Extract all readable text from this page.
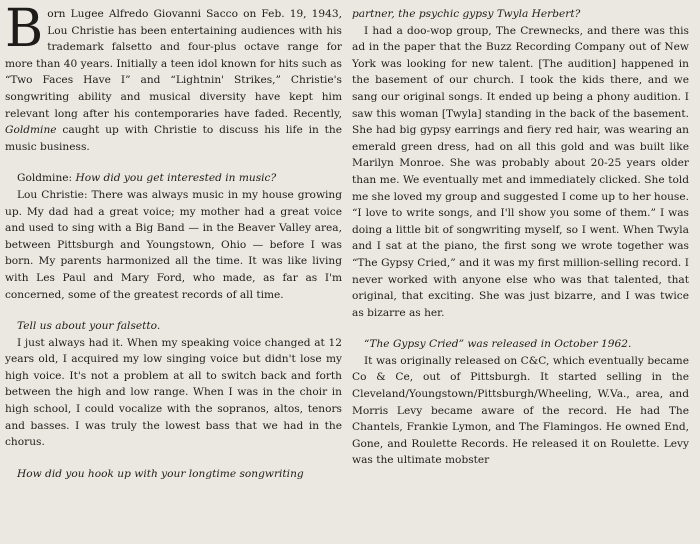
Born Lugee Alfredo Giovanni Sacco on Feb. 19, 1943, Lou Christie has been entertaining audiences with his trademark falsetto and four-plus octave range for more than 40 years. Initially a teen idol known for hits such as “Two Faces Have I” and “Lightnin' Strikes,” Christie's songwriting ability and musical diversity have kept him relevant long after his contemporaries have faded. Recently, Goldmine caught up with Christie to discuss his life in the music business.

Goldmine: How did you get interested in music?

Lou Christie: There was always music in my house growing up. My dad had a great voice; my mother had a great voice and used to sing with a Big Band — in the Beaver Valley area, between Pittsburgh and Youngstown, Ohio — before I was born. My parents harmonized all the time. It was like living with Les Paul and Mary Ford, who made, as far as I'm concerned, some of the greatest records of all time.

Tell us about your falsetto.

I just always had it. When my speaking voice changed at 12 years old, I acquired my low singing voice but didn't lose my high voice. It's not a problem at all to switch back and forth between the high and low range. When I was in the choir in high school, I could vocalize with the sopranos, altos, tenors and basses. I was truly the lowest bass that we had in the chorus.

How did you hook up with your longtime songwriting

partner, the psychic gypsy Twyla Herbert?

I had a doo-wop group, The Crewnecks, and there was this ad in the paper that the Buzz Recording Company out of New York was looking for new talent. [The audition] happened in the basement of our church. I took the kids there, and we sang our original songs. It ended up being a phony audition. I saw this woman [Twyla] standing in the back of the basement. She had big gypsy earrings and fiery red hair, was wearing an emerald green dress, had on all this gold and was built like Marilyn Monroe. She was probably about 20-25 years older than me. We eventually met and immediately clicked. She told me she loved my group and suggested I come up to her house. “I love to write songs, and I'll show you some of them.” I was doing a little bit of songwriting myself, so I went. When Twyla and I sat at the piano, the first song we wrote together was “The Gypsy Cried,” and it was my first million-selling record. I never worked with anyone else who was that talented, that original, that exciting. She was just bizarre, and I was twice as bizarre as her.

“The Gypsy Cried” was released in October 1962.

It was originally released on C&C, which eventually became Co & Ce, out of Pittsburgh. It started selling in the Cleveland/Youngstown/Pittsburgh/Wheeling, W.Va., area, and Morris Levy became aware of the record. He had The Chantels, Frankie Lymon, and The Flamingos. He owned End, Gone, and Roulette Records. He released it on Roulette. Levy was the ultimate mobster
